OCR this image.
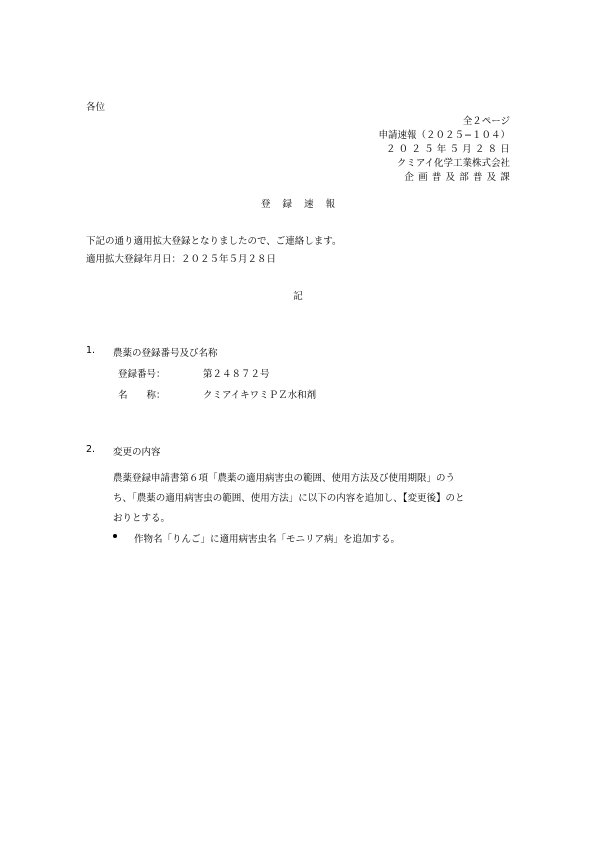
各位
全２ページ
申請速報（２０２５−１０４）
２０２５年５月２８日
クミアイ化学工業株式会社
企画普及部普及課
登録速報
下記の通り適用拡大登録となりましたので、ご連絡します。
適用拡大登録年月日：２０２５年５月２８日
記
1. 農薬の登録番号及び名称
登録番号：	第２４８７２号
名　　称：	クミアイキワミＰＺ水和剤
2. 変更の内容
農薬登録申請書第６項「農薬の適用病害虫の範囲、使用方法及び使用期限」のう
ち、「農薬の適用病害虫の範囲、使用方法」に以下の内容を追加し、【変更後】のと
おりとする。
作物名「りんご」に適用病害虫名「モニリア病」を追加する。
